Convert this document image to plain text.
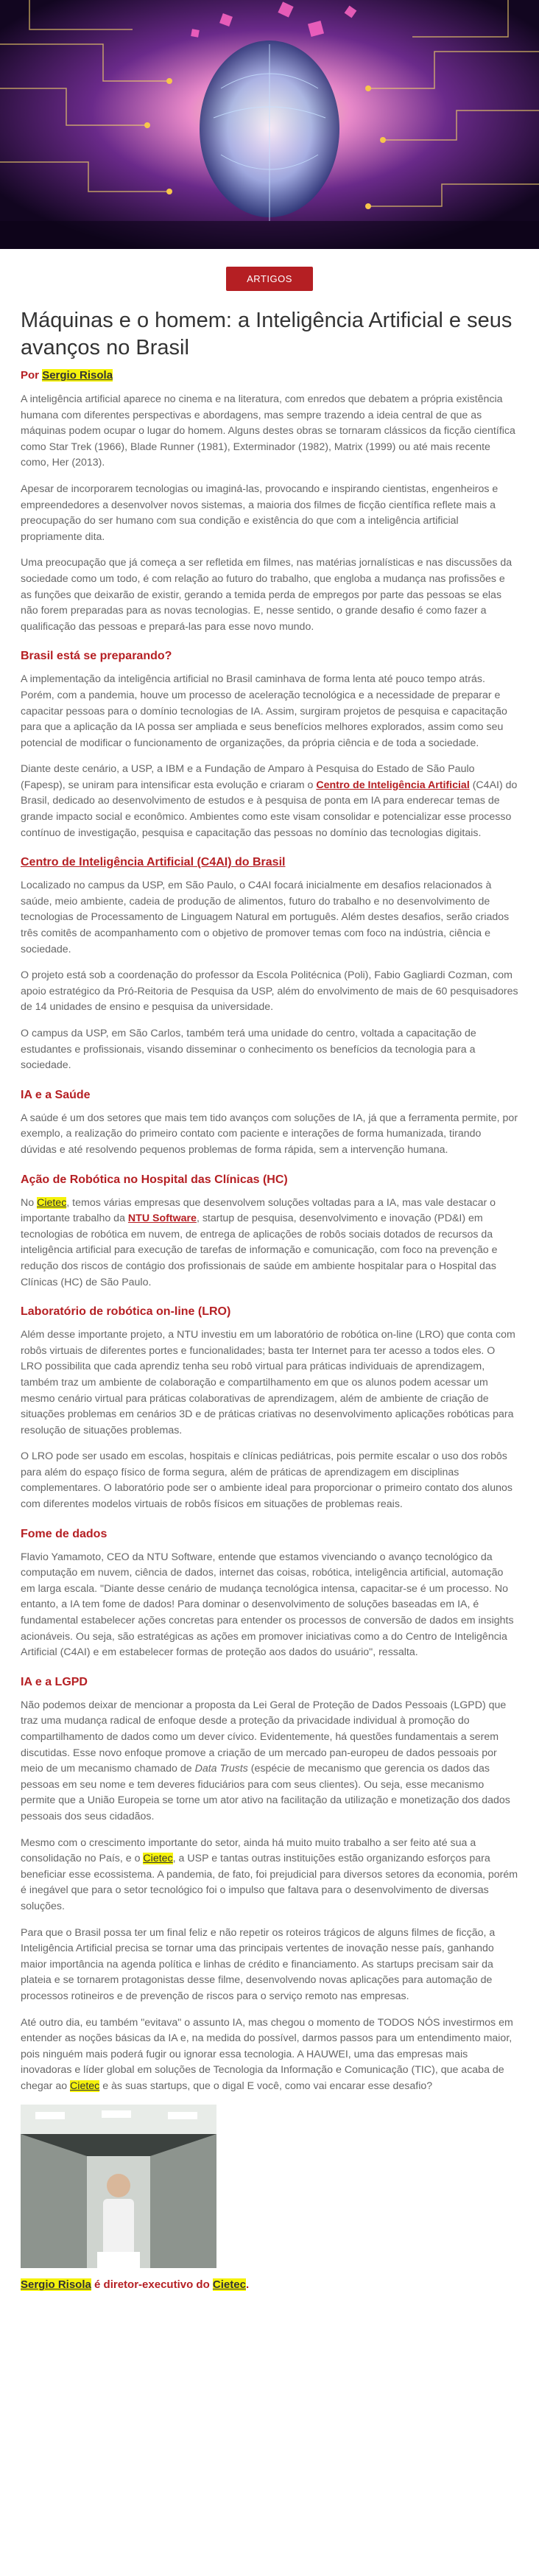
ARTIGOS
Máquinas e o homem: a Inteligência Artificial e seus avanços no Brasil
Por Sergio Risola

A inteligência artificial aparece no cinema e na literatura, com enredos que debatem a própria existência humana com diferentes perspectivas e abordagens, mas sempre trazendo a ideia central de que as máquinas podem ocupar o lugar do homem. Alguns destes obras se tornaram clássicos da ficção científica como Star Trek (1966), Blade Runner (1981), Exterminador (1982), Matrix (1999) ou até mais recente como, Her (2013).

Apesar de incorporarem tecnologias ou imaginá-las, provocando e inspirando cientistas, engenheiros e empreendedores a desenvolver novos sistemas, a maioria dos filmes de ficção científica reflete mais a preocupação do ser humano com sua condição e existência do que com a inteligência artificial propriamente dita.

Uma preocupação que já começa a ser refletida em filmes, nas matérias jornalísticas e nas discussões da sociedade como um todo, é com relação ao futuro do trabalho, que engloba a mudança nas profissões e as funções que deixarão de existir, gerando a temida perda de empregos por parte das pessoas se elas não forem preparadas para as novas tecnologias. E, nesse sentido, o grande desafio é como fazer a qualificação das pessoas e prepará-las para esse novo mundo.

Brasil está se preparando?

A implementação da inteligência artificial no Brasil caminhava de forma lenta até pouco tempo atrás. Porém, com a pandemia, houve um processo de aceleração tecnológica e a necessidade de preparar e capacitar pessoas para o domínio tecnologias de IA. Assim, surgiram projetos de pesquisa e capacitação para que a aplicação da IA possa ser ampliada e seus benefícios melhores explorados, assim como seu potencial de modificar o funcionamento de organizações, da própria ciência e de toda a sociedade.

Diante deste cenário, a USP, a IBM e a Fundação de Amparo à Pesquisa do Estado de São Paulo (Fapesp), se uniram para intensificar esta evolução e criaram o Centro de Inteligência Artificial (C4AI) do Brasil, dedicado ao desenvolvimento de estudos e à pesquisa de ponta em IA para enderecar temas de grande impacto social e econômico. Ambientes como este visam consolidar e potencializar esse processo contínuo de investigação, pesquisa e capacitação das pessoas no domínio das tecnologias digitais.

Centro de Inteligência Artificial (C4AI) do Brasil

Localizado no campus da USP, em São Paulo, o C4AI focará inicialmente em desafios relacionados à saúde, meio ambiente, cadeia de produção de alimentos, futuro do trabalho e no desenvolvimento de tecnologias de Processamento de Linguagem Natural em português. Além destes desafios, serão criados três comitês de acompanhamento com o objetivo de promover temas com foco na indústria, ciência e sociedade.

O projeto está sob a coordenação do professor da Escola Politécnica (Poli), Fabio Gagliardi Cozman, com apoio estratégico da Pró-Reitoria de Pesquisa da USP, além do envolvimento de mais de 60 pesquisadores de 14 unidades de ensino e pesquisa da universidade.

O campus da USP, em São Carlos, também terá uma unidade do centro, voltada a capacitação de estudantes e profissionais, visando disseminar o conhecimento os benefícios da tecnologia para a sociedade.

IA e a Saúde

A saúde é um dos setores que mais tem tido avanços com soluções de IA, já que a ferramenta permite, por exemplo, a realização do primeiro contato com paciente e interações de forma humanizada, tirando dúvidas e até resolvendo pequenos problemas de forma rápida, sem a intervenção humana.

Ação de Robótica no Hospital das Clínicas (HC)

No Cietec, temos várias empresas que desenvolvem soluções voltadas para a IA, mas vale destacar o importante trabalho da NTU Software, startup de pesquisa, desenvolvimento e inovação (PD&I) em tecnologias de robótica em nuvem, de entrega de aplicações de robôs sociais dotados de recursos da inteligência artificial para execução de tarefas de informação e comunicação, com foco na prevenção e redução dos riscos de contágio dos profissionais de saúde em ambiente hospitalar para o Hospital das Clínicas (HC) de São Paulo.

Laboratório de robótica on-line (LRO)

Além desse importante projeto, a NTU investiu em um laboratório de robótica on-line (LRO) que conta com robôs virtuais de diferentes portes e funcionalidades; basta ter Internet para ter acesso a todos eles. O LRO possibilita que cada aprendiz tenha seu robô virtual para práticas individuais de aprendizagem, também traz um ambiente de colaboração e compartilhamento em que os alunos podem acessar um mesmo cenário virtual para práticas colaborativas de aprendizagem, além de ambiente de criação de situações problemas em cenários 3D e de práticas criativas no desenvolvimento aplicações robóticas para resolução de situações problemas.

O LRO pode ser usado em escolas, hospitais e clínicas pediátricas, pois permite escalar o uso dos robôs para além do espaço físico de forma segura, além de práticas de aprendizagem em disciplinas complementares. O laboratório pode ser o ambiente ideal para proporcionar o primeiro contato dos alunos com diferentes modelos virtuais de robôs físicos em situações de problemas reais.

Fome de dados

Flavio Yamamoto, CEO da NTU Software, entende que estamos vivenciando o avanço tecnológico da computação em nuvem, ciência de dados, internet das coisas, robótica, inteligência artificial, automação em larga escala. "Diante desse cenário de mudança tecnológica intensa, capacitar-se é um processo. No entanto, a IA tem fome de dados! Para dominar o desenvolvimento de soluções baseadas em IA, é fundamental estabelecer ações concretas para entender os processos de conversão de dados em insights acionáveis. Ou seja, são estratégicas as ações em promover iniciativas como a do Centro de Inteligência Artificial (C4AI) e em estabelecer formas de proteção aos dados do usuário", ressalta.

IA e a LGPD

Não podemos deixar de mencionar a proposta da Lei Geral de Proteção de Dados Pessoais (LGPD) que traz uma mudança radical de enfoque desde a proteção da privacidade individual à promoção do compartilhamento de dados como um dever cívico. Evidentemente, há questões fundamentais a serem discutidas. Esse novo enfoque promove a criação de um mercado pan-europeu de dados pessoais por meio de um mecanismo chamado de Data Trusts (espécie de mecanismo que gerencia os dados das pessoas em seu nome e tem deveres fiduciários para com seus clientes). Ou seja, esse mecanismo permite que a União Europeia se torne um ator ativo na facilitação da utilização e monetização dos dados pessoais dos seus cidadãos.

Mesmo com o crescimento importante do setor, ainda há muito muito trabalho a ser feito até sua a consolidação no País, e o Cietec, a USP e tantas outras instituições estão organizando esforços para beneficiar esse ecossistema. A pandemia, de fato, foi prejudicial para diversos setores da economia, porém é inegável que para o setor tecnológico foi o impulso que faltava para o desenvolvimento de diversas soluções.

Para que o Brasil possa ter um final feliz e não repetir os roteiros trágicos de alguns filmes de ficção, a Inteligência Artificial precisa se tornar uma das principais vertentes de inovação nesse país, ganhando maior importância na agenda política e linhas de crédito e financiamento. As startups precisam sair da plateia e se tornarem protagonistas desse filme, desenvolvendo novas aplicações para automação de processos rotineiros e de prevenção de riscos para o serviço remoto nas empresas.

Até outro dia, eu também "evitava" o assunto IA, mas chegou o momento de TODOS NÓS investirmos em entender as noções básicas da IA e, na medida do possível, darmos passos para um entendimento maior, pois ninguém mais poderá fugir ou ignorar essa tecnologia. A HAUWEI, uma das empresas mais inovadoras e líder global em soluções de Tecnologia da Informação e Comunicação (TIC), que acaba de chegar ao Cietec e às suas startups, que o digal E você, como vai encarar esse desafio?

Sergio Risola é diretor-executivo do Cietec.
